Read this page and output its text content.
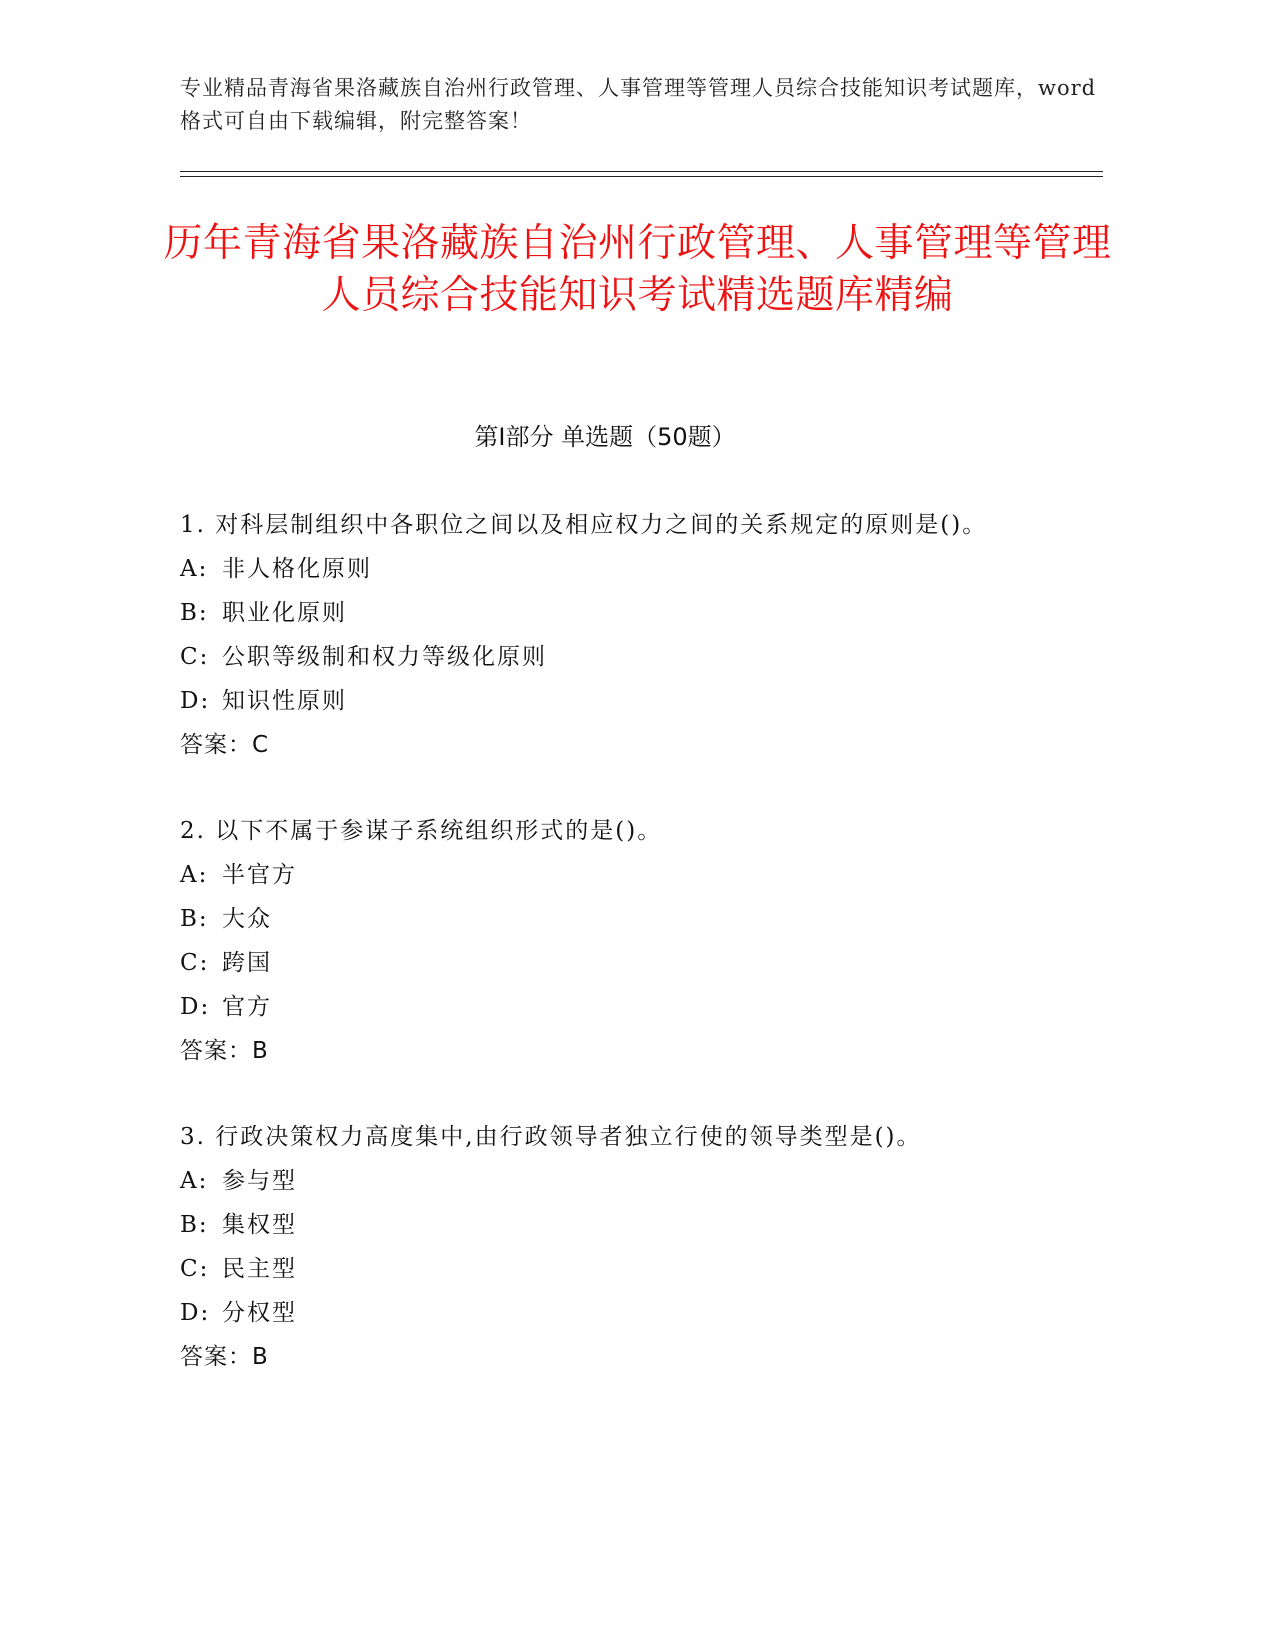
专业精品青海省果洛藏族自治州行政管理、人事管理等管理人员综合技能知识考试题库，word格式可自由下载编辑，附完整答案！
历年青海省果洛藏族自治州行政管理、人事管理等管理人员综合技能知识考试精选题库精编
第Ⅰ部分 单选题（50题）
1. 对科层制组织中各职位之间以及相应权力之间的关系规定的原则是()。
A: 非人格化原则
B: 职业化原则
C: 公职等级制和权力等级化原则
D: 知识性原则
答案：C
2. 以下不属于参谋子系统组织形式的是()。
A: 半官方
B: 大众
C: 跨国
D: 官方
答案：B
3. 行政决策权力高度集中,由行政领导者独立行使的领导类型是()。
A: 参与型
B: 集权型
C: 民主型
D: 分权型
答案：B
